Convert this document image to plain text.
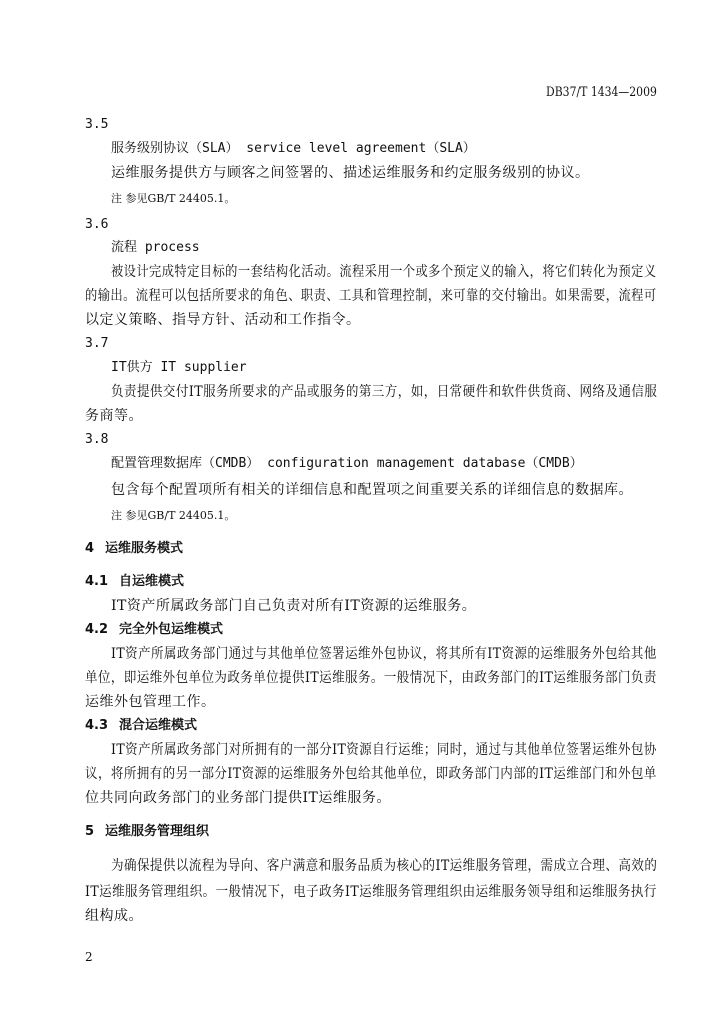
DB37/T 1434—2009
3.5
服务级别协议（SLA） service level agreement（SLA）
运维服务提供方与顾客之间签署的、描述运维服务和约定服务级别的协议。
注 参见GB/T 24405.1。
3.6
流程 process
被设计完成特定目标的一套结构化活动。流程采用一个或多个预定义的输入，将它们转化为预定义
的输出。流程可以包括所要求的角色、职责、工具和管理控制，来可靠的交付输出。如果需要，流程可
以定义策略、指导方针、活动和工作指令。
3.7
IT供方 IT supplier
负责提供交付IT服务所要求的产品或服务的第三方，如，日常硬件和软件供货商、网络及通信服
务商等。
3.8
配置管理数据库（CMDB） configuration management database（CMDB）
包含每个配置项所有相关的详细信息和配置项之间重要关系的详细信息的数据库。
注 参见GB/T 24405.1。
4 运维服务模式
4.1 自运维模式
IT资产所属政务部门自己负责对所有IT资源的运维服务。
4.2 完全外包运维模式
IT资产所属政务部门通过与其他单位签署运维外包协议，将其所有IT资源的运维服务外包给其他
单位，即运维外包单位为政务单位提供IT运维服务。一般情况下，由政务部门的IT运维服务部门负责
运维外包管理工作。
4.3 混合运维模式
IT资产所属政务部门对所拥有的一部分IT资源自行运维；同时，通过与其他单位签署运维外包协
议，将所拥有的另一部分IT资源的运维服务外包给其他单位，即政务部门内部的IT运维部门和外包单
位共同向政务部门的业务部门提供IT运维服务。
5 运维服务管理组织
为确保提供以流程为导向、客户满意和服务品质为核心的IT运维服务管理，需成立合理、高效的
IT运维服务管理组织。一般情况下，电子政务IT运维服务管理组织由运维服务领导组和运维服务执行
组构成。
2
